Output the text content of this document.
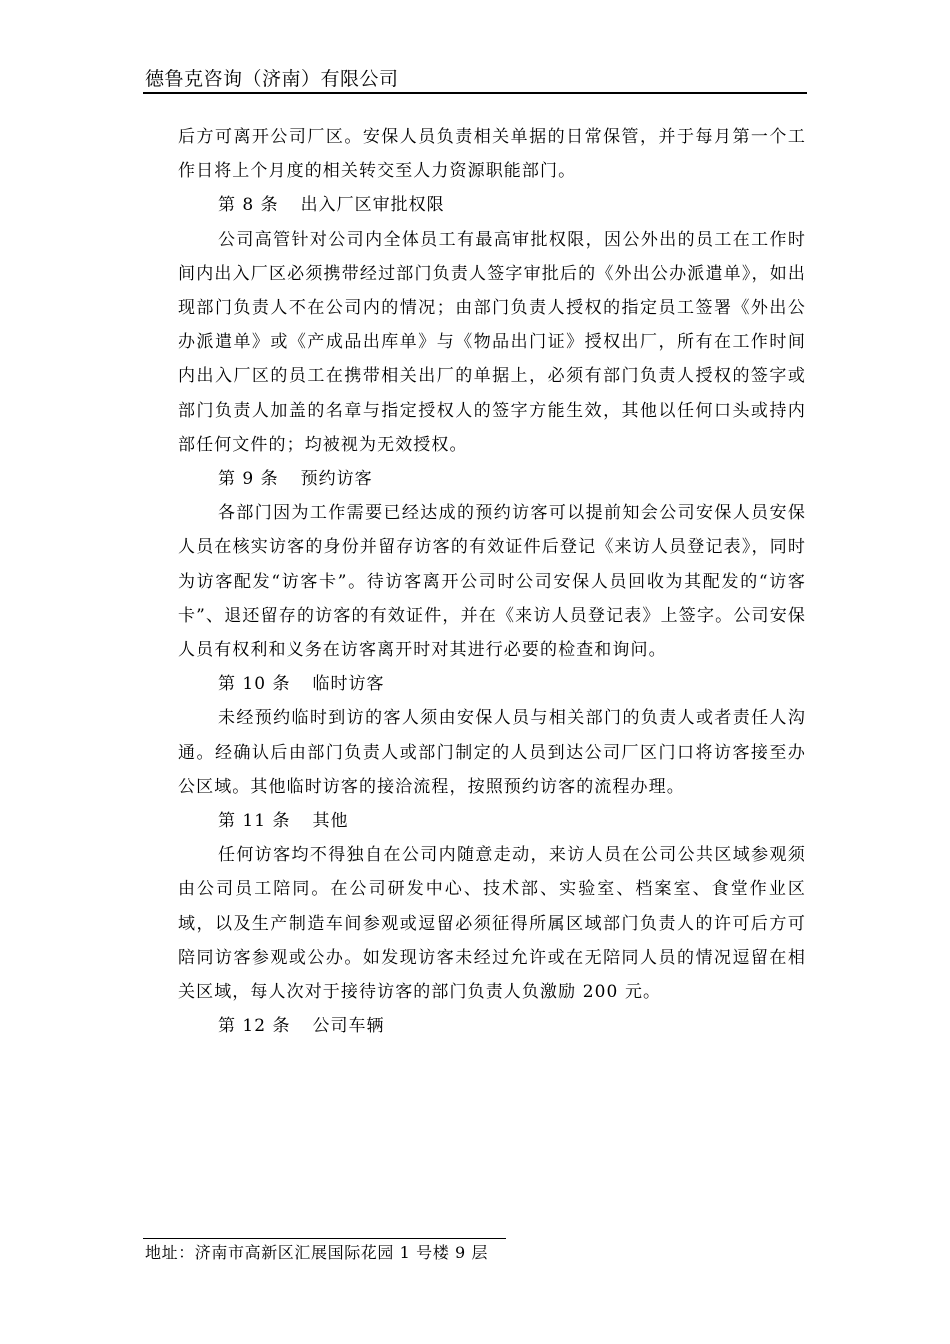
德鲁克咨询（济南）有限公司

后方可离开公司厂区。安保人员负责相关单据的日常保管，并于每月第一个工作日将上个月度的相关转交至人力资源职能部门。

第 8 条 出入厂区审批权限

公司高管针对公司内全体员工有最高审批权限，因公外出的员工在工作时间内出入厂区必须携带经过部门负责人签字审批后的《外出公办派遣单》，如出现部门负责人不在公司内的情况；由部门负责人授权的指定员工签署《外出公办派遣单》或《产成品出库单》与《物品出门证》授权出厂，所有在工作时间内出入厂区的员工在携带相关出厂的单据上，必须有部门负责人授权的签字或部门负责人加盖的名章与指定授权人的签字方能生效，其他以任何口头或持内部任何文件的；均被视为无效授权。

第 9 条 预约访客

各部门因为工作需要已经达成的预约访客可以提前知会公司安保人员安保人员在核实访客的身份并留存访客的有效证件后登记《来访人员登记表》，同时为访客配发“访客卡”。待访客离开公司时公司安保人员回收为其配发的“访客卡”、退还留存的访客的有效证件，并在《来访人员登记表》上签字。公司安保人员有权利和义务在访客离开时对其进行必要的检查和询问。

第 10 条 临时访客

未经预约临时到访的客人须由安保人员与相关部门的负责人或者责任人沟通。经确认后由部门负责人或部门制定的人员到达公司厂区门口将访客接至办公区域。其他临时访客的接洽流程，按照预约访客的流程办理。

第 11 条 其他

任何访客均不得独自在公司内随意走动，来访人员在公司公共区域参观须由公司员工陪同。在公司研发中心、技术部、实验室、档案室、食堂作业区域，以及生产制造车间参观或逗留必须征得所属区域部门负责人的许可后方可陪同访客参观或公办。如发现访客未经过允许或在无陪同人员的情况逗留在相关区域，每人次对于接待访客的部门负责人负激励 200 元。

第 12 条 公司车辆

地址：济南市高新区汇展国际花园 1 号楼 9 层
